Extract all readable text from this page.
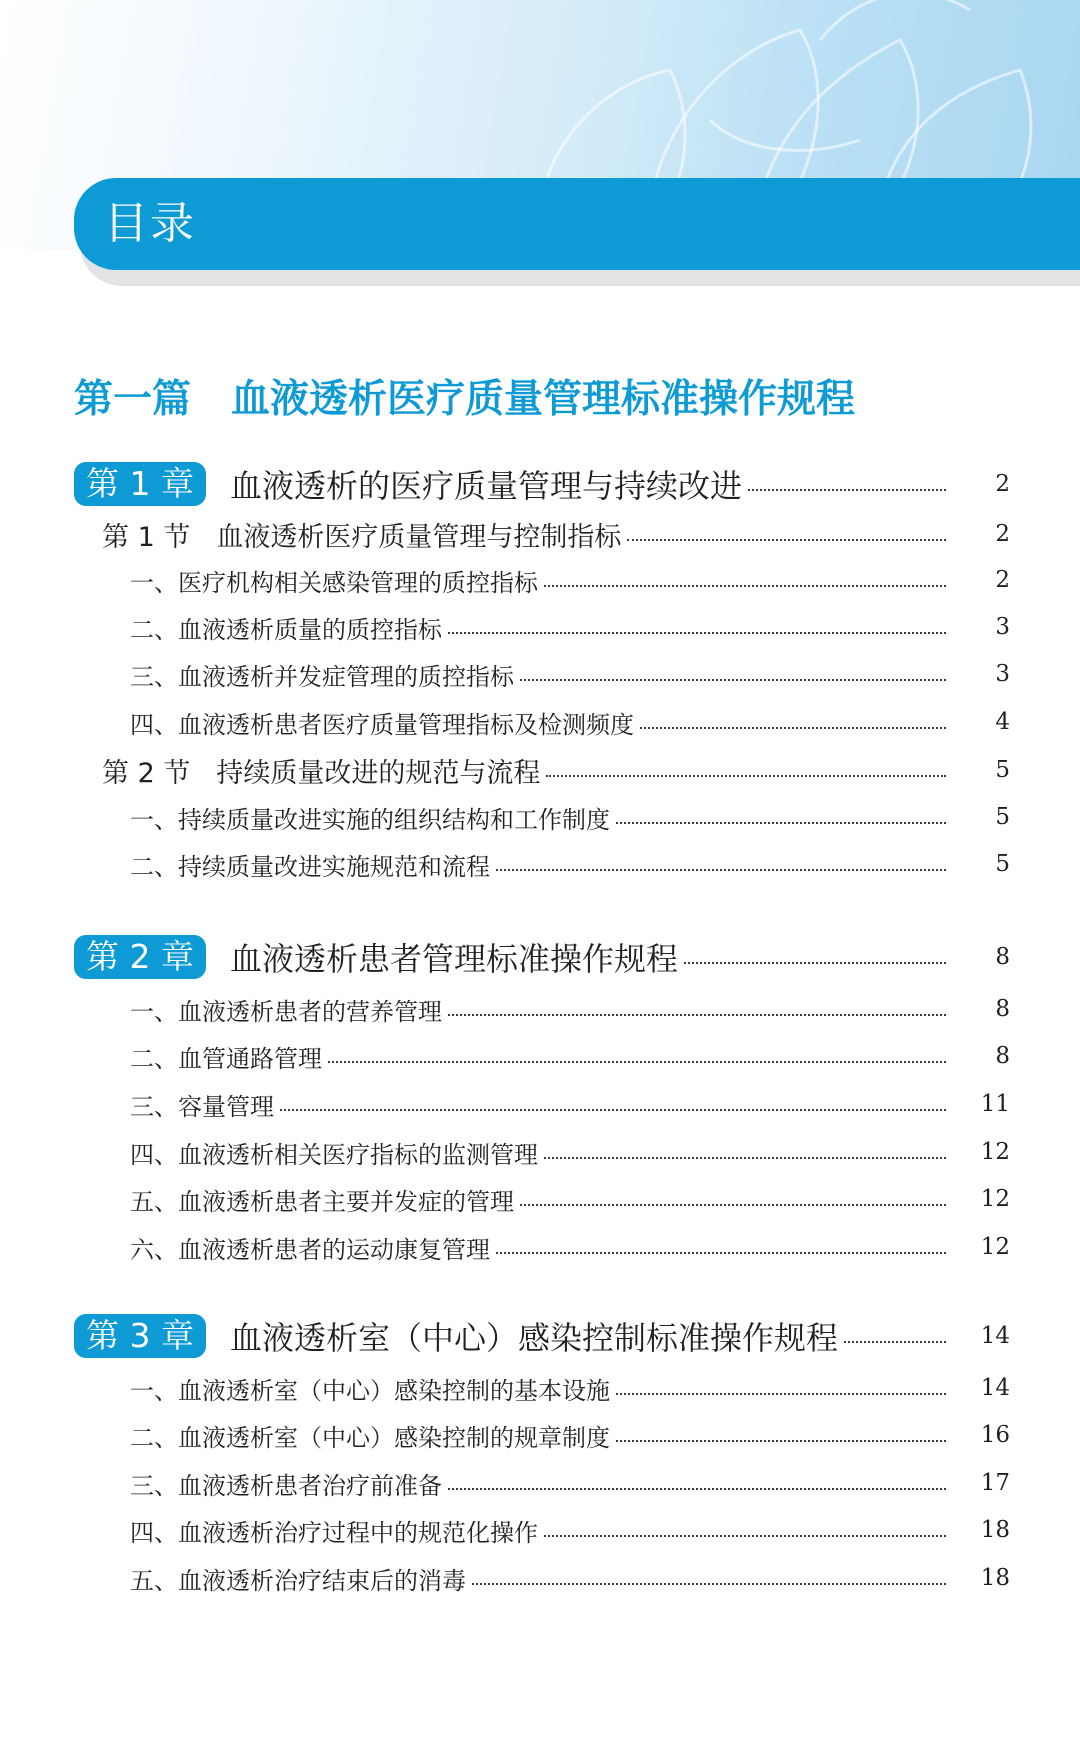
目录
第一篇 血液透析医疗质量管理标准操作规程
第 1 章	血液透析的医疗质量管理与持续改进	2
第 1 节 血液透析医疗质量管理与控制指标	2
一、医疗机构相关感染管理的质控指标	2
二、血液透析质量的质控指标	3
三、血液透析并发症管理的质控指标	3
四、血液透析患者医疗质量管理指标及检测频度	4
第 2 节 持续质量改进的规范与流程	5
一、持续质量改进实施的组织结构和工作制度	5
二、持续质量改进实施规范和流程	5
第 2 章	血液透析患者管理标准操作规程	8
一、血液透析患者的营养管理	8
二、血管通路管理	8
三、容量管理	11
四、血液透析相关医疗指标的监测管理	12
五、血液透析患者主要并发症的管理	12
六、血液透析患者的运动康复管理	12
第 3 章	血液透析室（中心）感染控制标准操作规程	14
一、血液透析室（中心）感染控制的基本设施	14
二、血液透析室（中心）感染控制的规章制度	16
三、血液透析患者治疗前准备	17
四、血液透析治疗过程中的规范化操作	18
五、血液透析治疗结束后的消毒	18
